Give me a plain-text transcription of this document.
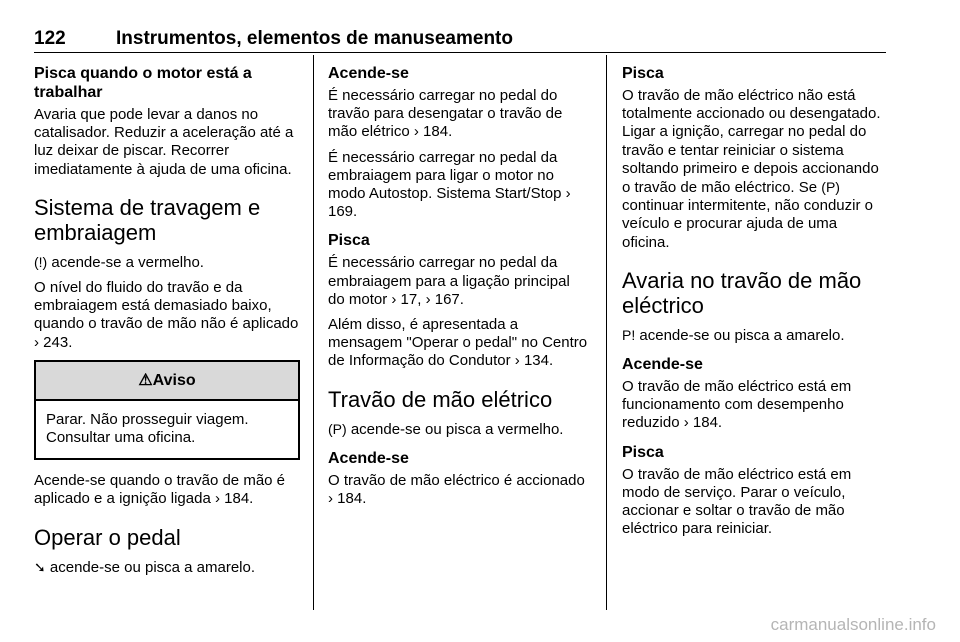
122	Instrumentos, elementos de manuseamento
Pisca quando o motor está a trabalhar

Avaria que pode levar a danos no catalisador. Reduzir a aceleração até a luz deixar de piscar. Recorrer imediatamente à ajuda de uma oficina.

Sistema de travagem e embraiagem

(!) acende-se a vermelho.

O nível do fluido do travão e da embraiagem está demasiado baixo, quando o travão de mão não é aplicado › 243.

⚠Aviso
Parar. Não prosseguir viagem. Consultar uma oficina.

Acende-se quando o travão de mão é aplicado e a ignição ligada › 184.

Operar o pedal

➘ acende-se ou pisca a amarelo.

Acende-se

É necessário carregar no pedal do travão para desengatar o travão de mão elétrico › 184.

É necessário carregar no pedal da embraiagem para ligar o motor no modo Autostop. Sistema Start/Stop › 169.

Pisca

É necessário carregar no pedal da embraiagem para a ligação principal do motor › 17, › 167.

Além disso, é apresentada a mensagem "Operar o pedal" no Centro de Informação do Condutor › 134.

Travão de mão elétrico

(P) acende-se ou pisca a vermelho.

Acende-se

O travão de mão eléctrico é accionado › 184.

Pisca

O travão de mão eléctrico não está totalmente accionado ou desengatado. Ligar a ignição, carregar no pedal do travão e tentar reiniciar o sistema soltando primeiro e depois accionando o travão de mão eléctrico. Se (P) continuar intermitente, não conduzir o veículo e procurar ajuda de uma oficina.

Avaria no travão de mão eléctrico

P! acende-se ou pisca a amarelo.

Acende-se

O travão de mão eléctrico está em funcionamento com desempenho reduzido › 184.

Pisca

O travão de mão eléctrico está em modo de serviço. Parar o veículo, accionar e soltar o travão de mão eléctrico para reiniciar.

carmanualsonline.info
